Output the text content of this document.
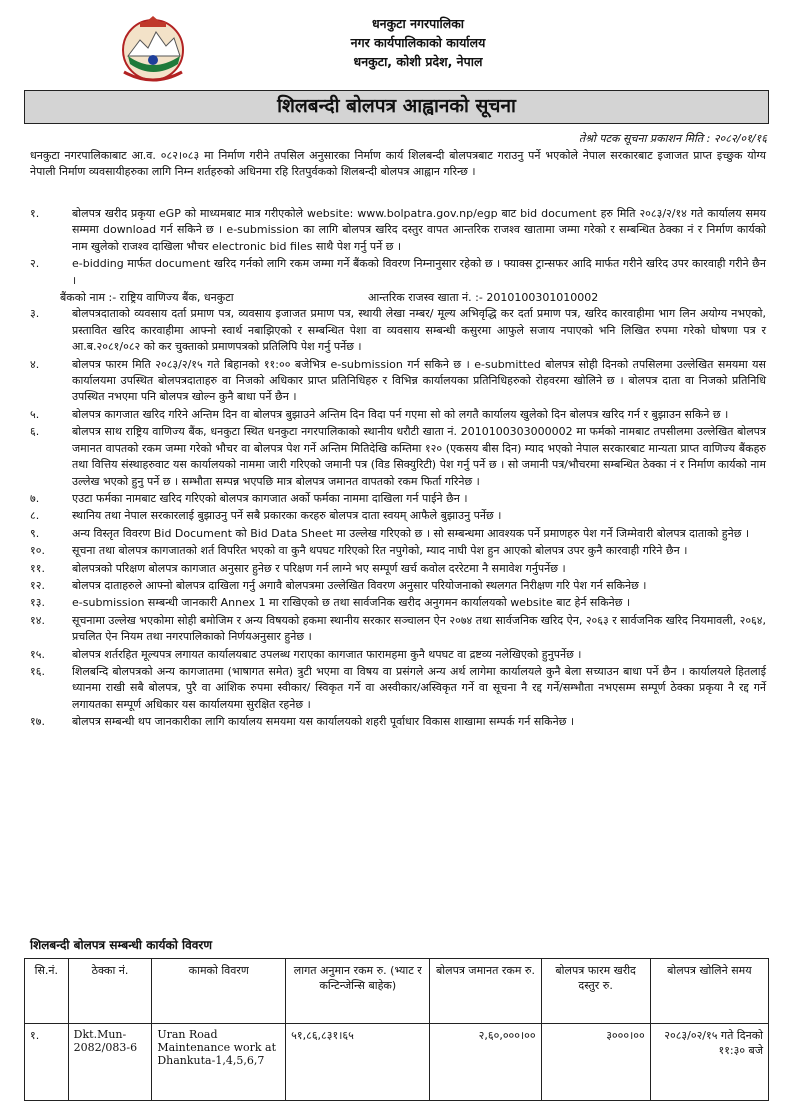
धनकुटा नगरपालिका
नगर कार्यपालिकाको कार्यालय
धनकुटा, कोशी प्रदेश, नेपाल
शिलबन्दी बोलपत्र आह्वानको सूचना
तेश्रो पटक सूचना प्रकाशन मिति : २०८२/०१/१६
धनकुटा नगरपालिकाबाट आ.व. ०८२।०८३ मा निर्माण गरीने तपसिल अनुसारका निर्माण कार्य शिलबन्दी बोलपत्रबाट गराउनु पर्ने भएकोले नेपाल सरकारबाट इजाजत प्राप्त इच्छुक योग्य नेपाली निर्माण व्यवसायीहरुका लागि निम्न शर्तहरुको अधिनमा रहि रितपुर्वकको शिलबन्दी बोलपत्र आह्वान गरिन्छ ।
१.	बोलपत्र खरीद प्रकृया eGP को माध्यमबाट मात्र गरीएकोले website: www.bolpatra.gov.np/egp बाट bid document हरु मिति २०८३/२/१४ गते कार्यालय समय सम्ममा download गर्न सकिने छ । e-submission का लागि बोलपत्र खरिद दस्तुर वापत आन्तरिक राजश्व खातामा जम्मा गरेको र सम्बन्धित ठेक्का नं र निर्माण कार्यको नाम खुलेको राजश्व दाखिला भौचर electronic bid files साथै पेश गर्नु पर्ने छ ।
२.	e-bidding मार्फत document खरिद गर्नको लागि रकम जम्मा गर्ने बैंकको विवरण निम्नानुसार रहेको छ । फ्याक्स ट्रान्सफर आदि मार्फत गरीने खरिद उपर कारवाही गरीने छैन ।
बैंकको नाम :- राष्ट्रिय वाणिज्य बैंक, धनकुटा	आन्तरिक राजस्व खाता नं. :- 2010100301010002
३.	बोलपत्रदाताको व्यवसाय दर्ता प्रमाण पत्र, व्यवसाय इजाजत प्रमाण पत्र, स्थायी लेखा नम्बर/ मूल्य अभिवृद्धि कर दर्ता प्रमाण पत्र, खरिद कारवाहीमा भाग लिन अयोग्य नभएको, प्रस्तावित खरिद कारवाहीमा आफ्नो स्वार्थ नबाझिएको र सम्बन्धित पेशा वा व्यवसाय सम्बन्धी कसुरमा आफुले सजाय नपाएको भनि लिखित रुपमा गरेको घोषणा पत्र र आ.ब.२०८१/०८२ को कर चुक्ताको प्रमाणपत्रको प्रतिलिपि पेश गर्नु पर्नेछ ।
४.	बोलपत्र फारम मिति २०८३/२/१५ गते बिहानको ११:०० बजेभित्र e-submission गर्न सकिने छ । e-submitted बोलपत्र सोही दिनको तपसिलमा उल्लेखित समयमा यस कार्यालयमा उपस्थित बोलपत्रदाताहरु वा निजको अधिकार प्राप्त प्रतिनिधिहरु र विभिन्न कार्यालयका प्रतिनिधिहरुको रोहवरमा खोलिने छ । बोलपत्र दाता वा निजको प्रतिनिधि उपस्थित नभएमा पनि बोलपत्र खोल्न कुनै बाधा पर्ने छैन ।
५.	बोलपत्र कागजात खरिद गरिने अन्तिम दिन वा बोलपत्र बुझाउने अन्तिम दिन विदा पर्न गएमा सो को लगतै कार्यालय खुलेको दिन बोलपत्र खरिद गर्न र बुझाउन सकिने छ ।
६.	बोलपत्र साथ राष्ट्रिय वाणिज्य बैंक, धनकुटा स्थित धनकुटा नगरपालिकाको स्थानीय धरौटी खाता नं. 2010100303000002 मा फर्मको नामबाट तपसीलमा उल्लेखित बोलपत्र जमानत वापतको रकम जम्मा गरेको भौचर वा बोलपत्र पेश गर्ने अन्तिम मितिदेखि कम्तिमा १२० (एकसय बीस दिन) म्याद भएको नेपाल सरकारबाट मान्यता प्राप्त वाणिज्य बैंकहरु तथा वित्तिय संस्थाहरुवाट यस कार्यालयको नाममा जारी गरिएको जमानी पत्र (विड सिक्युरिटी) पेश गर्नु पर्ने छ । सो जमानी पत्र/भौचरमा सम्बन्धित ठेक्का नं र निर्माण कार्यको नाम उल्लेख भएको हुनु पर्ने छ । सम्भौता सम्पन्न भएपछि मात्र बोलपत्र जमानत वापतको रकम फिर्ता गरिनेछ ।
७.	एउटा फर्मका नामबाट खरिद गरिएको बोलपत्र कागजात अर्को फर्मका नाममा दाखिला गर्न पाईने छैन ।
८.	स्थानिय तथा नेपाल सरकारलाई बुझाउनु पर्ने सबै प्रकारका करहरु बोलपत्र दाता स्वयम् आफैले बुझाउनु पर्नेछ ।
९.	अन्य विस्तृत विवरण Bid Document को Bid Data Sheet मा उल्लेख गरिएको छ । सो सम्बन्धमा आवश्यक पर्ने प्रमाणहरु पेश गर्ने जिम्मेवारी बोलपत्र दाताको हुनेछ ।
१०.	सूचना तथा बोलपत्र कागजातको शर्त विपरित भएको वा कुनै थपघट गरिएको रित नपुगेको, म्याद नाघी पेश हुन आएको बोलपत्र उपर कुनै कारवाही गरिने छैन ।
११.	बोलपत्रको परिक्षण बोलपत्र कागजात अनुसार हुनेछ र परिक्षण गर्न लाग्ने भए सम्पूर्ण खर्च कवोल दररेटमा नै समावेश गर्नुपर्नेछ ।
१२.	बोलपत्र दाताहरुले आफ्नो बोलपत्र दाखिला गर्नु अगावै बोलपत्रमा उल्लेखित विवरण अनुसार परियोजनाको स्थलगत निरीक्षण गरि पेश गर्न सकिनेछ ।
१३.	e-submission सम्बन्धी जानकारी Annex 1 मा राखिएको छ तथा सार्वजनिक खरीद अनुगमन कार्यालयको website बाट हेर्न सकिनेछ ।
१४.	सूचनामा उल्लेख भएकोमा सोही बमोजिम र अन्य विषयको हकमा स्थानीय सरकार सञ्चालन ऐन २०७४ तथा सार्वजनिक खरिद ऐन, २०६३ र सार्वजनिक खरिद नियमावली, २०६४, प्रचलित ऐन नियम तथा नगरपालिकाको निर्णयअनुसार हुनेछ ।
१५.	बोलपत्र शर्तरहित मूल्यपत्र लगायत कार्यालयबाट उपलब्ध गराएका कागजात फारामहमा कुनै थपघट वा द्रष्टव्य नलेखिएको हुनुपर्नेछ ।
१६.	शिलबन्दि बोलपत्रको अन्य कागजातमा (भाषागत समेत) त्रुटी भएमा वा विषय वा प्रसंगले अन्य अर्थ लागेमा कार्यालयले कुनै बेला सच्याउन बाधा पर्ने छैन । कार्यालयले हितलाई ध्यानमा राखी सबै बोलपत्र, पुरै वा आंशिक रुपमा स्वीकार/ स्विकृत गर्ने वा अस्वीकार/अस्विकृत गर्ने वा सूचना नै रद्द गर्ने/सम्भौता नभएसम्म सम्पूर्ण ठेक्का प्रकृया नै रद्द गर्ने लगायतका सम्पूर्ण अधिकार यस कार्यालयमा सुरक्षित रहनेछ ।
१७.	बोलपत्र सम्बन्धी थप जानकारीका लागि कार्यालय समयमा यस कार्यालयको शहरी पूर्वाधार विकास शाखामा सम्पर्क गर्न सकिनेछ ।
शिलबन्दी बोलपत्र सम्बन्धी कार्यको विवरण
सि.नं.	ठेक्का नं.	कामको विवरण	लागत अनुमान रकम रु. (भ्याट र कन्टिन्जेन्सि बाहेक)	बोलपत्र जमानत रकम रु.	बोलपत्र फारम खरीद दस्तुर रु.	बोलपत्र खोलिने समय
१.	Dkt.Mun-2082/083-6	Uran Road Maintenance work at Dhankuta-1,4,5,6,7	५१,८६,८३१।६५	२,६०,०००।००	३०००।००	२०८३/०२/१५ गते दिनको ११:३० बजे
